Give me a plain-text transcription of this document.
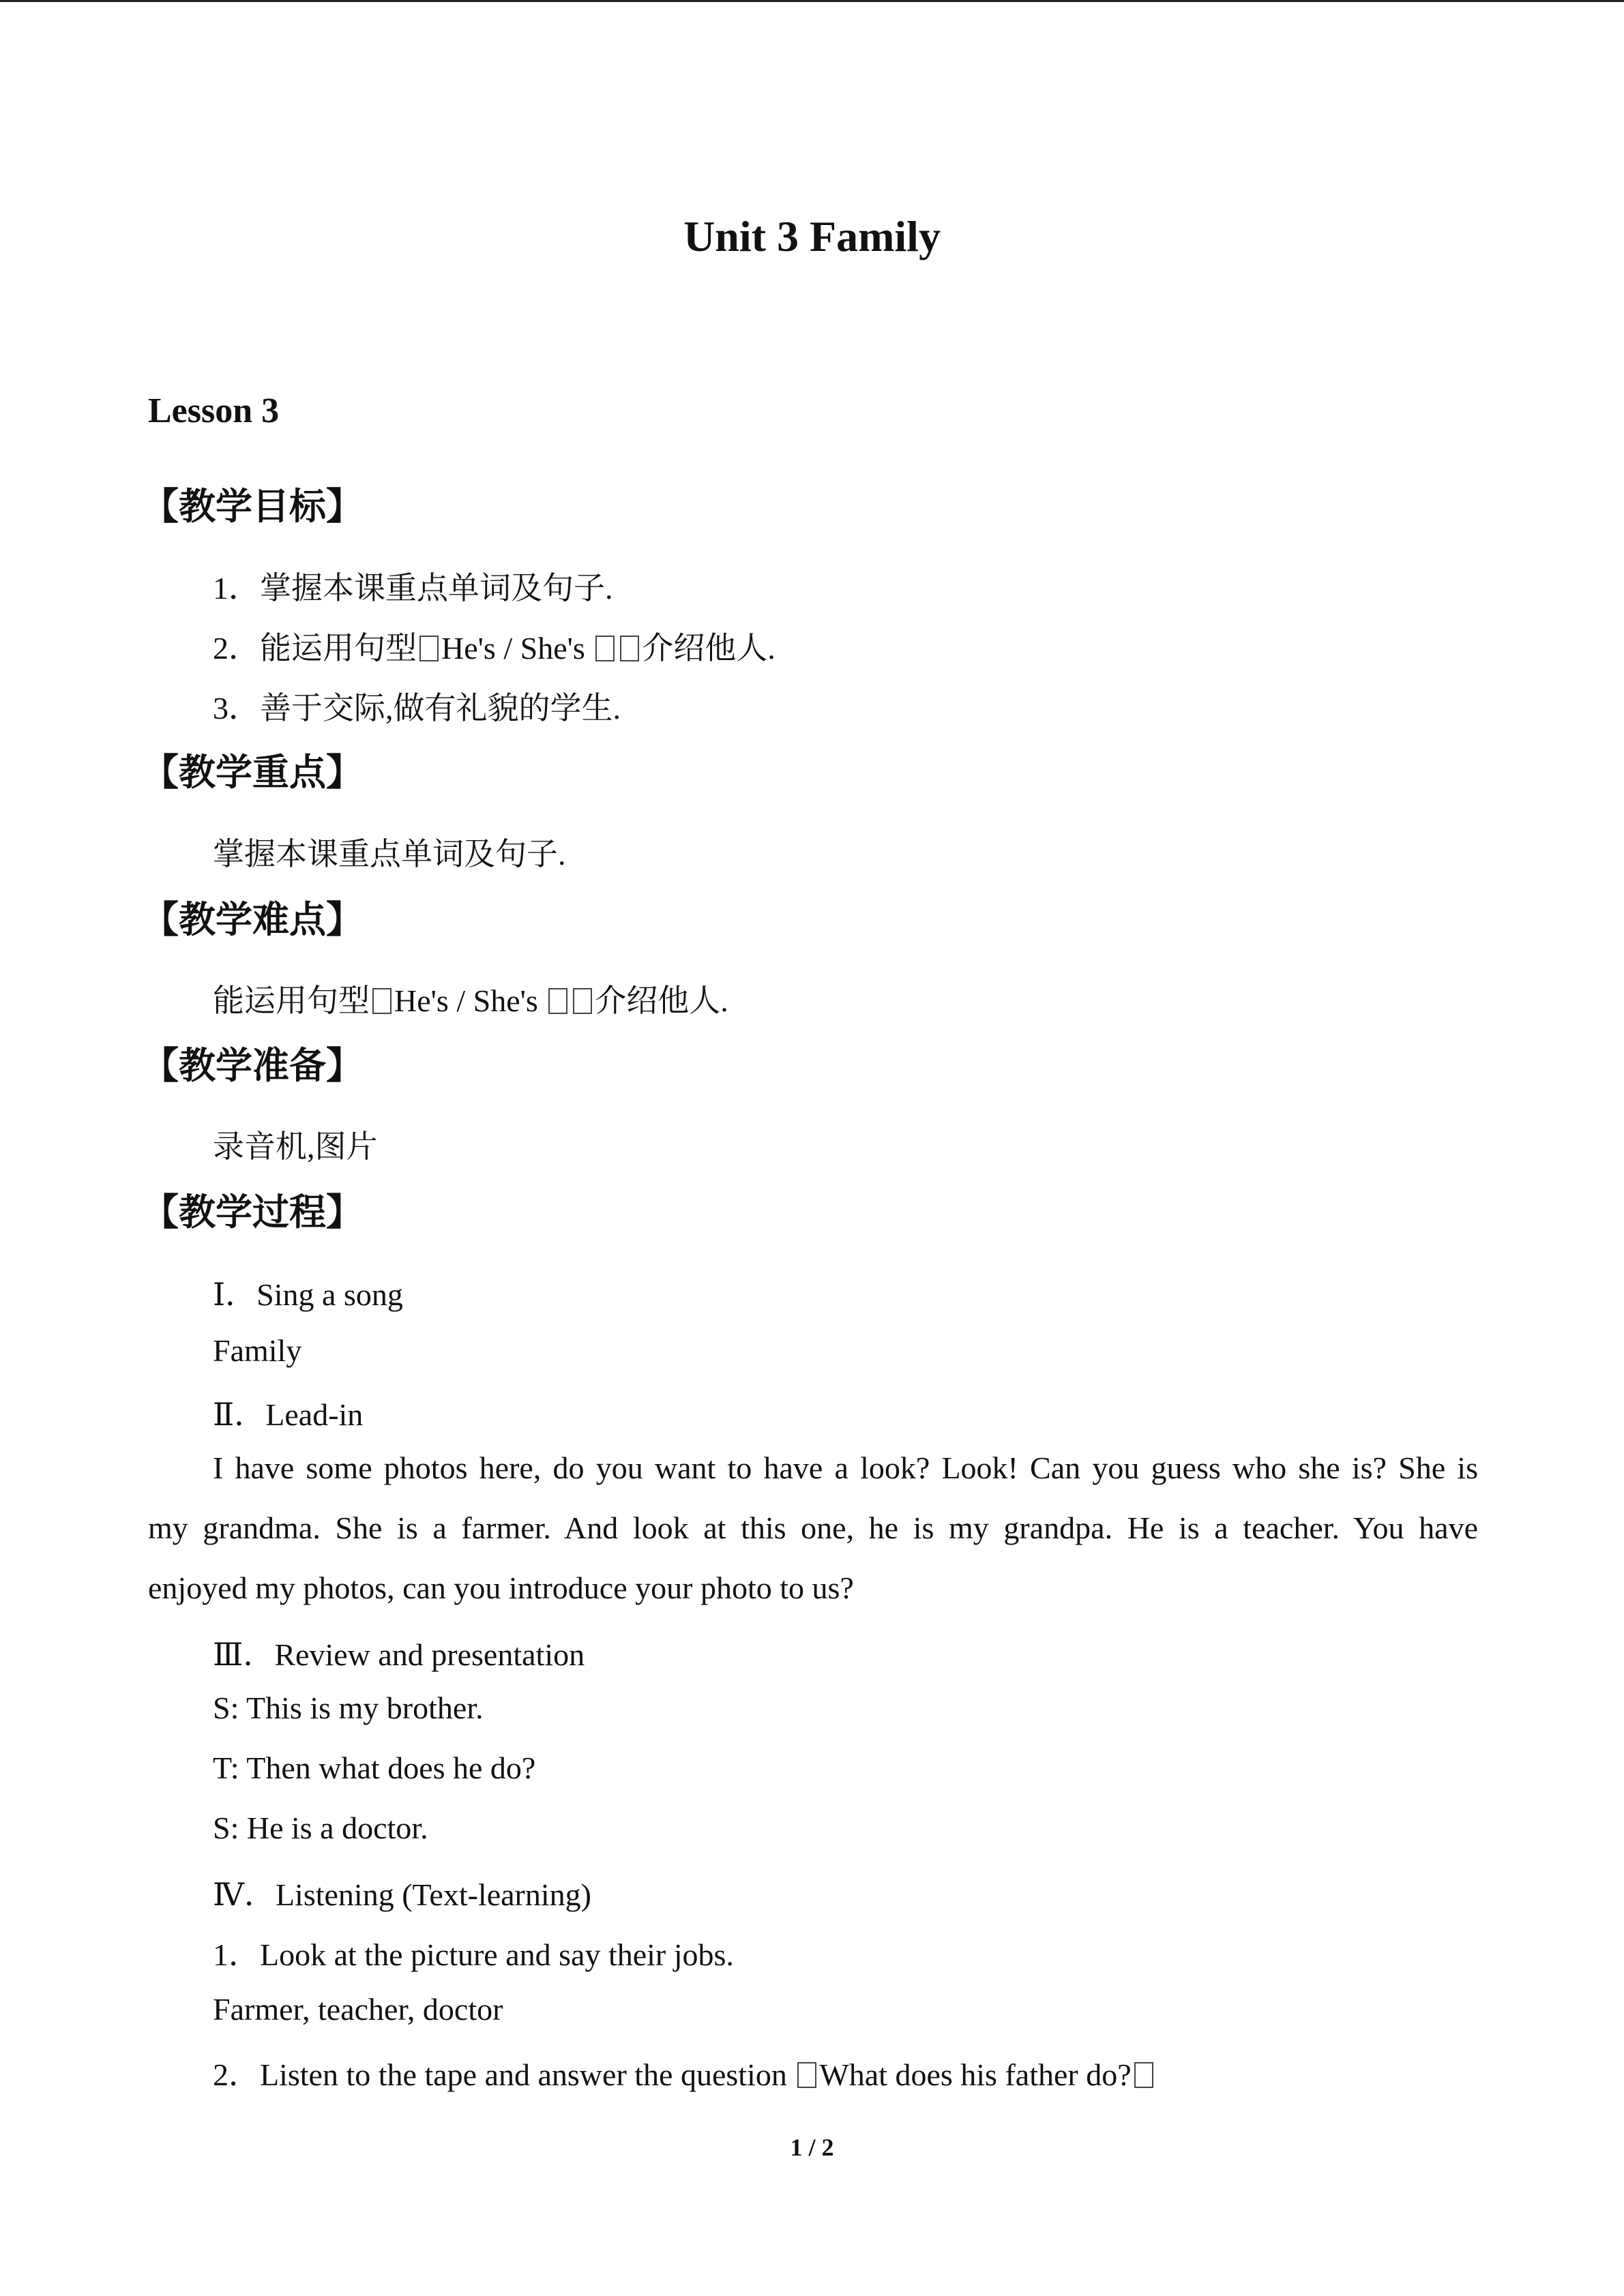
Unit 3 Family
Lesson 3
【教学目标】
1．掌握本课重点单词及句子.
2．能运用句型 He's / She's 介绍他人.
3．善于交际,做有礼貌的学生.
【教学重点】
掌握本课重点单词及句子.
【教学难点】
能运用句型 He's / She's 介绍他人.
【教学准备】
录音机,图片
【教学过程】
Ⅰ．Sing a song
Family
Ⅱ．Lead-in
I have some photos here, do you want to have a look? Look! Can you guess who she is? She is
my grandma. She is a farmer. And look at this one, he is my grandpa. He is a teacher. You have
enjoyed my photos, can you introduce your photo to us?
Ⅲ．Review and presentation
S: This is my brother.
T: Then what does he do?
S: He is a doctor.
Ⅳ．Listening (Text-learning)
1．Look at the picture and say their jobs.
Farmer, teacher, doctor
2．Listen to the tape and answer the question What does his father do?
1 / 2
